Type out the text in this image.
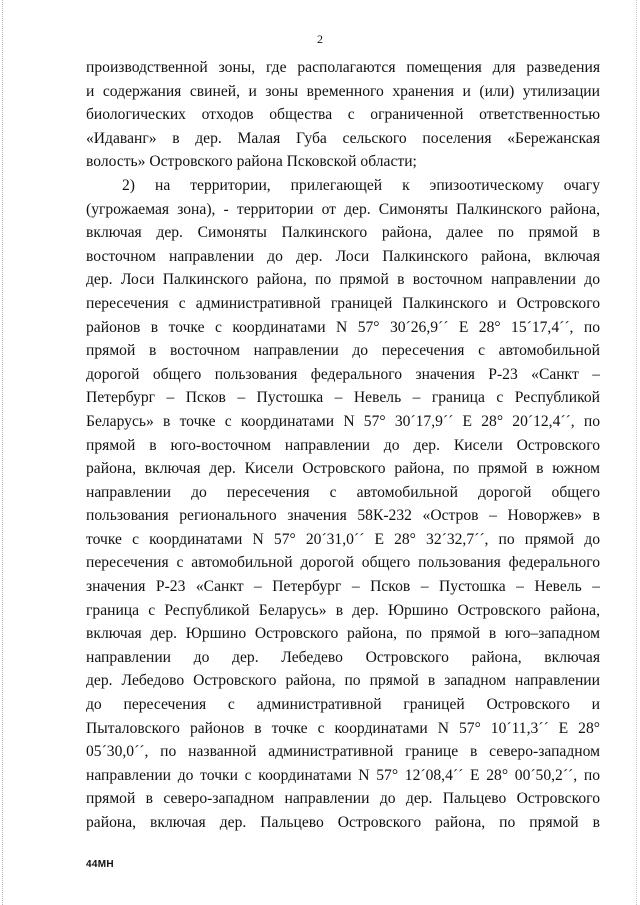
2
производственной зоны, где располагаются помещения для разведения
и содержания свиней, и зоны временного хранения и (или) утилизации
биологических отходов общества с ограниченной ответственностью
«Идаванг» в дер. Малая Губа сельского поселения «Бережанская
волость» Островского района Псковской области;
2) на территории, прилегающей к эпизоотическому очагу
(угрожаемая зона), - территории от дер. Симоняты Палкинского района,
включая дер. Симоняты Палкинского района, далее по прямой в
восточном направлении до дер. Лоси Палкинского района, включая
дер. Лоси Палкинского района, по прямой в восточном направлении до
пересечения с административной границей Палкинского и Островского
районов в точке с координатами N 57° 30´26,9´´ Е 28° 15´17,4´´, по
прямой в восточном направлении до пересечения с автомобильной
дорогой общего пользования федерального значения Р-23 «Санкт –
Петербург – Псков – Пустошка – Невель – граница с Республикой
Беларусь» в точке с координатами N 57° 30´17,9´´ Е 28° 20´12,4´´, по
прямой в юго-восточном направлении до дер. Кисели Островского
района, включая дер. Кисели Островского района, по прямой в южном
направлении до пересечения с автомобильной дорогой общего
пользования регионального значения 58К-232 «Остров – Новоржев» в
точке с координатами N 57° 20´31,0´´ Е 28° 32´32,7´´, по прямой до
пересечения с автомобильной дорогой общего пользования федерального
значения Р-23 «Санкт – Петербург – Псков – Пустошка – Невель –
граница с Республикой Беларусь» в дер. Юршино Островского района,
включая дер. Юршино Островского района, по прямой в юго–западном
направлении до дер. Лебедево Островского района, включая
дер. Лебедово Островского района, по прямой в западном направлении
до пересечения с административной границей Островского и
Пыталовского районов в точке с координатами N 57° 10´11,3´´ Е 28°
05´30,0´´, по названной административной границе в северо-западном
направлении до точки с координатами N 57° 12´08,4´´ Е 28° 00´50,2´´, по
прямой в северо-западном направлении до дер. Пальцево Островского
района, включая дер. Пальцево Островского района, по прямой в
44МН
